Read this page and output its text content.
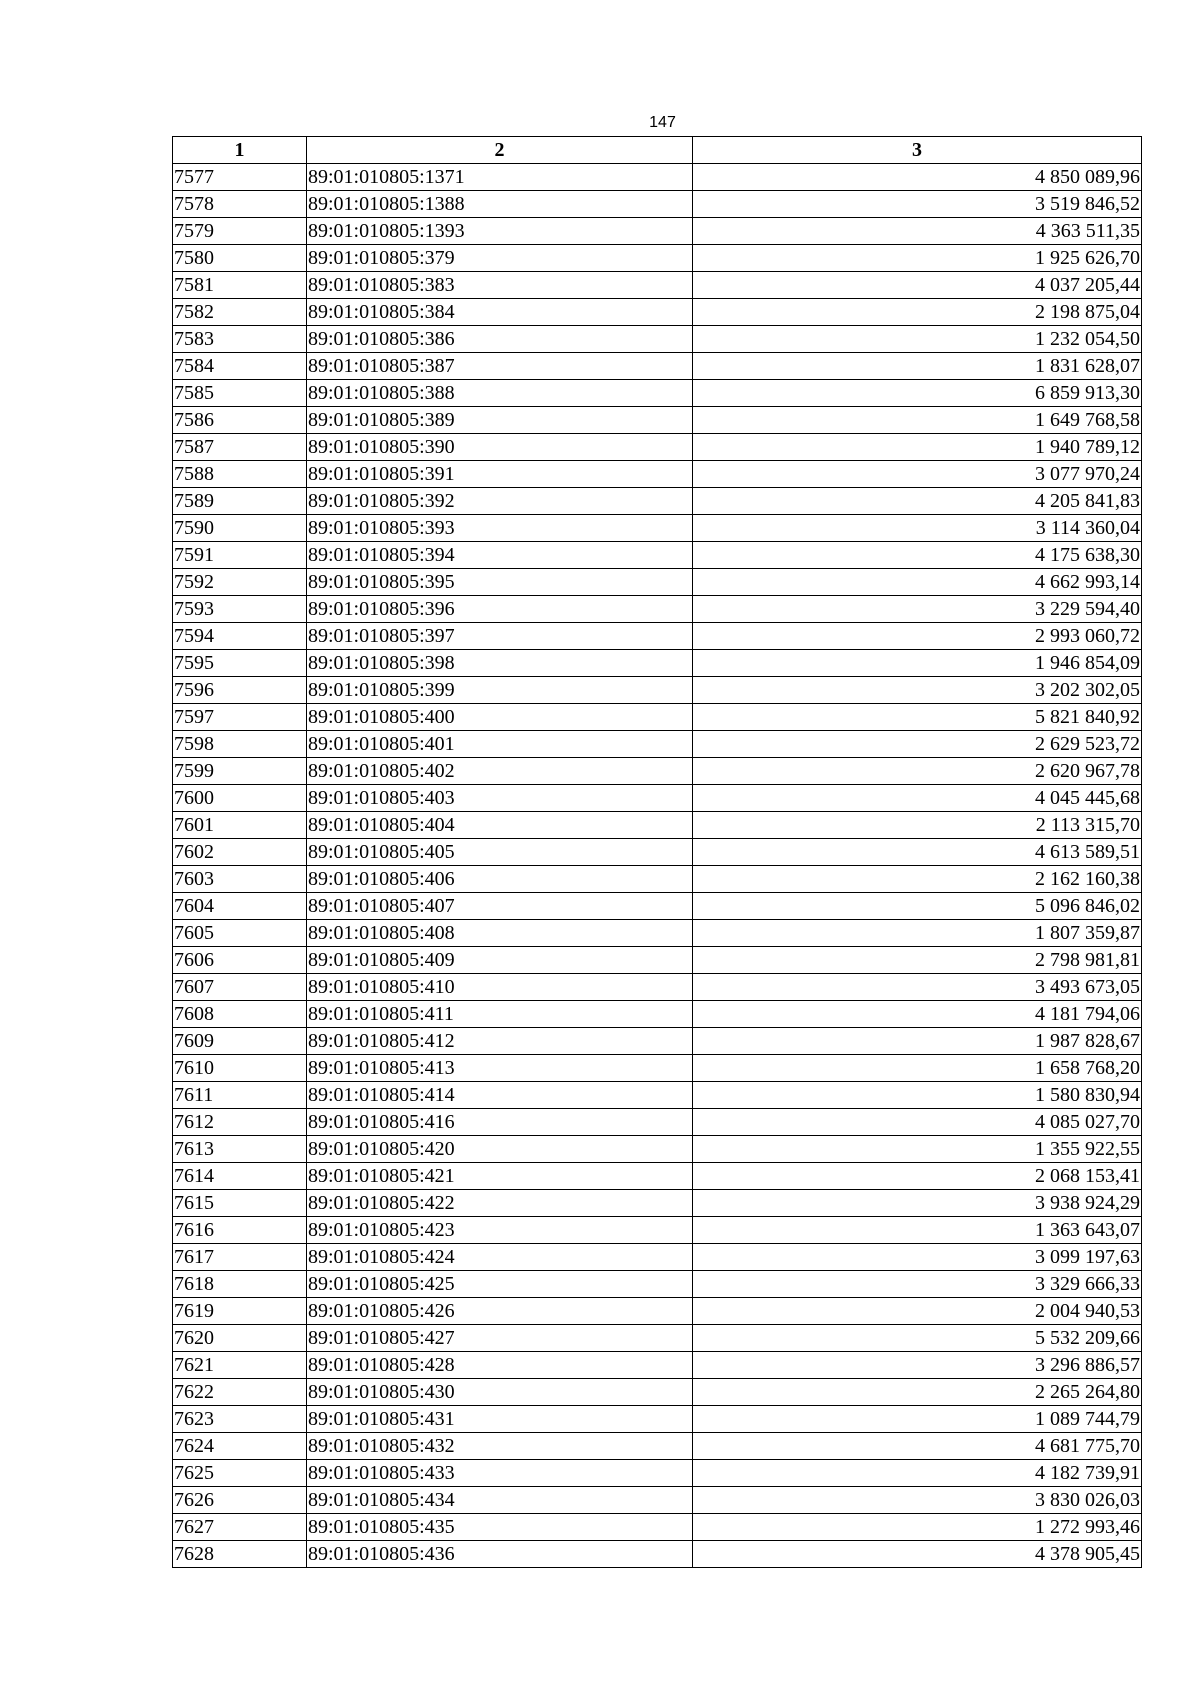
147
1	2	3
7577	89:01:010805:1371	4 850 089,96
7578	89:01:010805:1388	3 519 846,52
7579	89:01:010805:1393	4 363 511,35
7580	89:01:010805:379	1 925 626,70
7581	89:01:010805:383	4 037 205,44
7582	89:01:010805:384	2 198 875,04
7583	89:01:010805:386	1 232 054,50
7584	89:01:010805:387	1 831 628,07
7585	89:01:010805:388	6 859 913,30
7586	89:01:010805:389	1 649 768,58
7587	89:01:010805:390	1 940 789,12
7588	89:01:010805:391	3 077 970,24
7589	89:01:010805:392	4 205 841,83
7590	89:01:010805:393	3 114 360,04
7591	89:01:010805:394	4 175 638,30
7592	89:01:010805:395	4 662 993,14
7593	89:01:010805:396	3 229 594,40
7594	89:01:010805:397	2 993 060,72
7595	89:01:010805:398	1 946 854,09
7596	89:01:010805:399	3 202 302,05
7597	89:01:010805:400	5 821 840,92
7598	89:01:010805:401	2 629 523,72
7599	89:01:010805:402	2 620 967,78
7600	89:01:010805:403	4 045 445,68
7601	89:01:010805:404	2 113 315,70
7602	89:01:010805:405	4 613 589,51
7603	89:01:010805:406	2 162 160,38
7604	89:01:010805:407	5 096 846,02
7605	89:01:010805:408	1 807 359,87
7606	89:01:010805:409	2 798 981,81
7607	89:01:010805:410	3 493 673,05
7608	89:01:010805:411	4 181 794,06
7609	89:01:010805:412	1 987 828,67
7610	89:01:010805:413	1 658 768,20
7611	89:01:010805:414	1 580 830,94
7612	89:01:010805:416	4 085 027,70
7613	89:01:010805:420	1 355 922,55
7614	89:01:010805:421	2 068 153,41
7615	89:01:010805:422	3 938 924,29
7616	89:01:010805:423	1 363 643,07
7617	89:01:010805:424	3 099 197,63
7618	89:01:010805:425	3 329 666,33
7619	89:01:010805:426	2 004 940,53
7620	89:01:010805:427	5 532 209,66
7621	89:01:010805:428	3 296 886,57
7622	89:01:010805:430	2 265 264,80
7623	89:01:010805:431	1 089 744,79
7624	89:01:010805:432	4 681 775,70
7625	89:01:010805:433	4 182 739,91
7626	89:01:010805:434	3 830 026,03
7627	89:01:010805:435	1 272 993,46
7628	89:01:010805:436	4 378 905,45
